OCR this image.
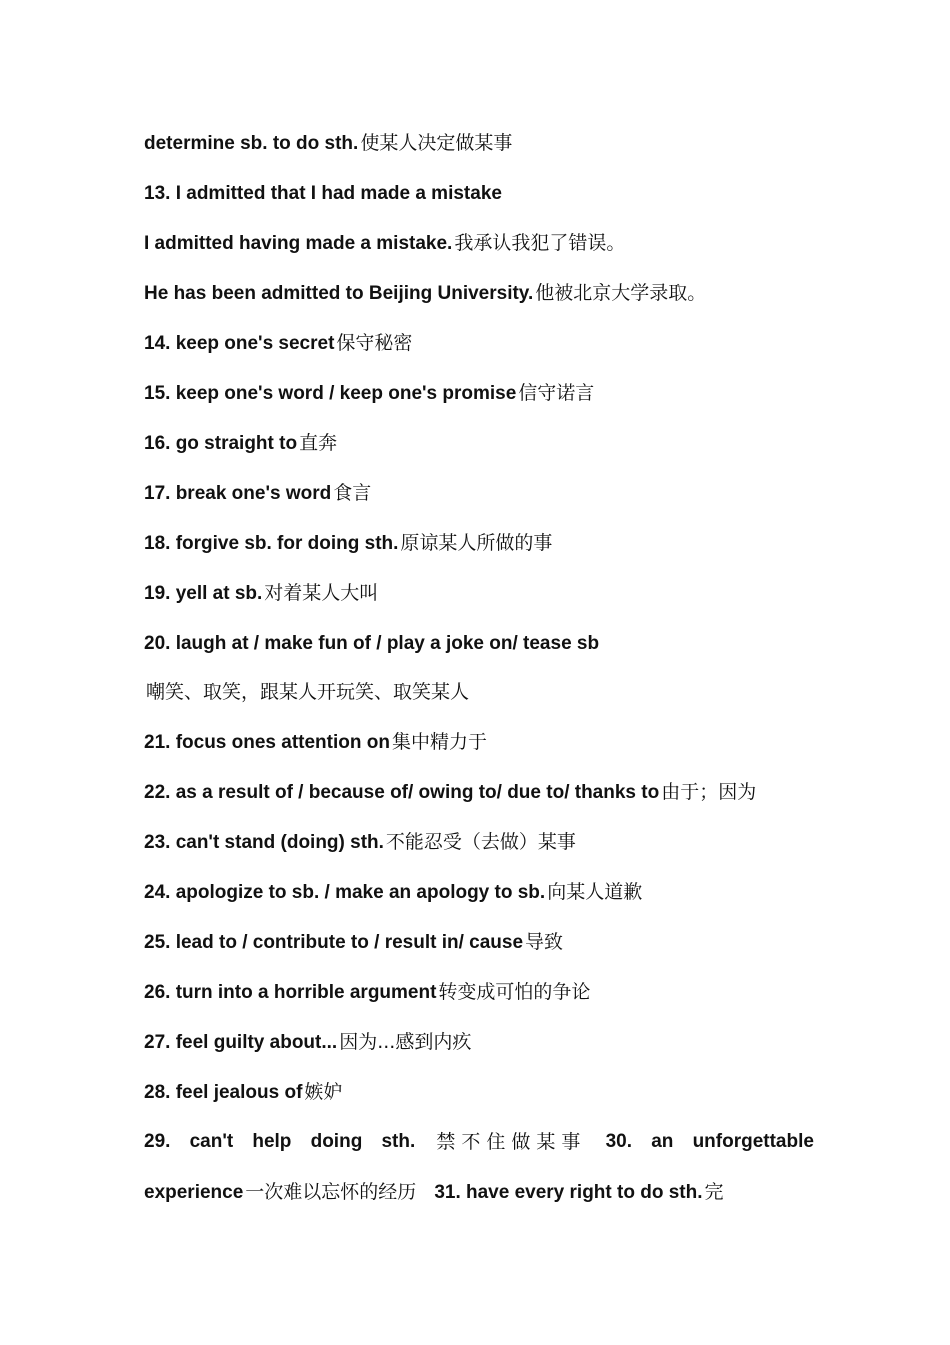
determine sb. to do sth. 使某人决定做某事
13. I admitted that I had made a mistake
I admitted having made a mistake. 我承认我犯了错误。
He has been admitted to Beijing University. 他被北京大学录取。
14. keep one's secret 保守秘密
15. keep one's word / keep one's promise 信守诺言
16. go straight to 直奔
17. break one's word 食言
18. forgive sb. for doing sth. 原谅某人所做的事
19. yell at sb. 对着某人大叫
20. laugh at / make fun of / play a joke on/ tease sb
嘲笑、取笑，跟某人开玩笑、取笑某人
21. focus ones attention on 集中精力于
22. as a result of / because of/ owing to/ due to/ thanks to 由于；因为
23. can't stand (doing) sth. 不能忍受（去做）某事
24. apologize to sb. / make an apology to sb. 向某人道歉
25. lead to / contribute to / result in/ cause 导致
26. turn into a horrible argument 转变成可怕的争论
27. feel guilty about... 因为...感到内疚
28. feel jealous of 嫉妒
29. can't help doing sth. 禁不住做某事 30. an unforgettable
experience 一次难以忘怀的经历 31. have every right to do sth. 完
